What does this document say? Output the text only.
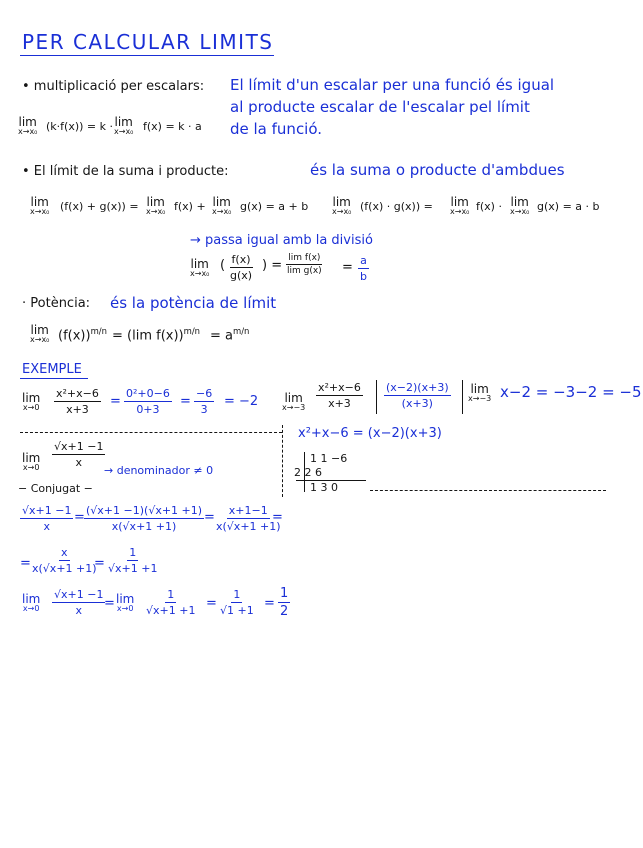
PER CALCULAR LIMITS
• multiplicació per escalars: El límit d'un escalar per una funció és igual
al producte escalar de l'escalar pel límit
de la funció.
lim
x→x₀ (k·f(x)) = k · lim
x→x₀ f(x) = k · a
• El límit de la suma i producte:	és la suma o producte d'ambdues
lim
x→x₀ (f(x) + g(x)) = lim
x→x₀ f(x) + lim
x→x₀ g(x) = a + b lim
x→x₀ (f(x) · g(x)) = lim
x→x₀ f(x) · lim
x→x₀ g(x) = a · b
→ passa igual amb la divisió
lim
x→x₀
( $\frac{f(x)}{g(x)}$ ) = $\frac{\text{lim f(x)}}{\text{lim g(x)}} = \frac{a}{b}$
· Potència: és la potència de límit
lim
x→x₀ $(f(x))^{m/n} = (\lim$ $f(x))^{m/n} = a^{m/n}$
EXEMPLE
lim
$x\to 0 \frac{\text{x²+x−6}}{x+3} = \frac{\text{0²+0−6}}{0+3} = \frac{-6}{3} = -2$ lim
$x\to-3 \frac{\text{x²+x−6}}{x+3} \frac{(x-2)(x+3)}{(x+3)}$ lim
x→−3 x−2 = −3−2 = −5
x²+x−6 = (x−2)(x+3)
1 1 −6
2 2 6
1 3 0
lim
$x\to 0 \frac{√x+1 -1}{x}$
→ denominador ≠ 0
− Conjugat −
$\frac{√x+1 -1}{x} = \frac{(√x+1 -1)(√x+1 +1)}{x(√x+1 +1)} = \frac{x+1-1}{x(√x+1 +1)}$
=
= $\frac{x}{x(√x+1 +1)}$
= $\frac{1}{√x+1 +1}$
lim
$x\to 0 \frac{√x+1 -1}{x}$
= lim
$x\to 0 \frac{1}{√x+1 +1} = \frac{1}{√1 +1} = \frac{1}{2}$
